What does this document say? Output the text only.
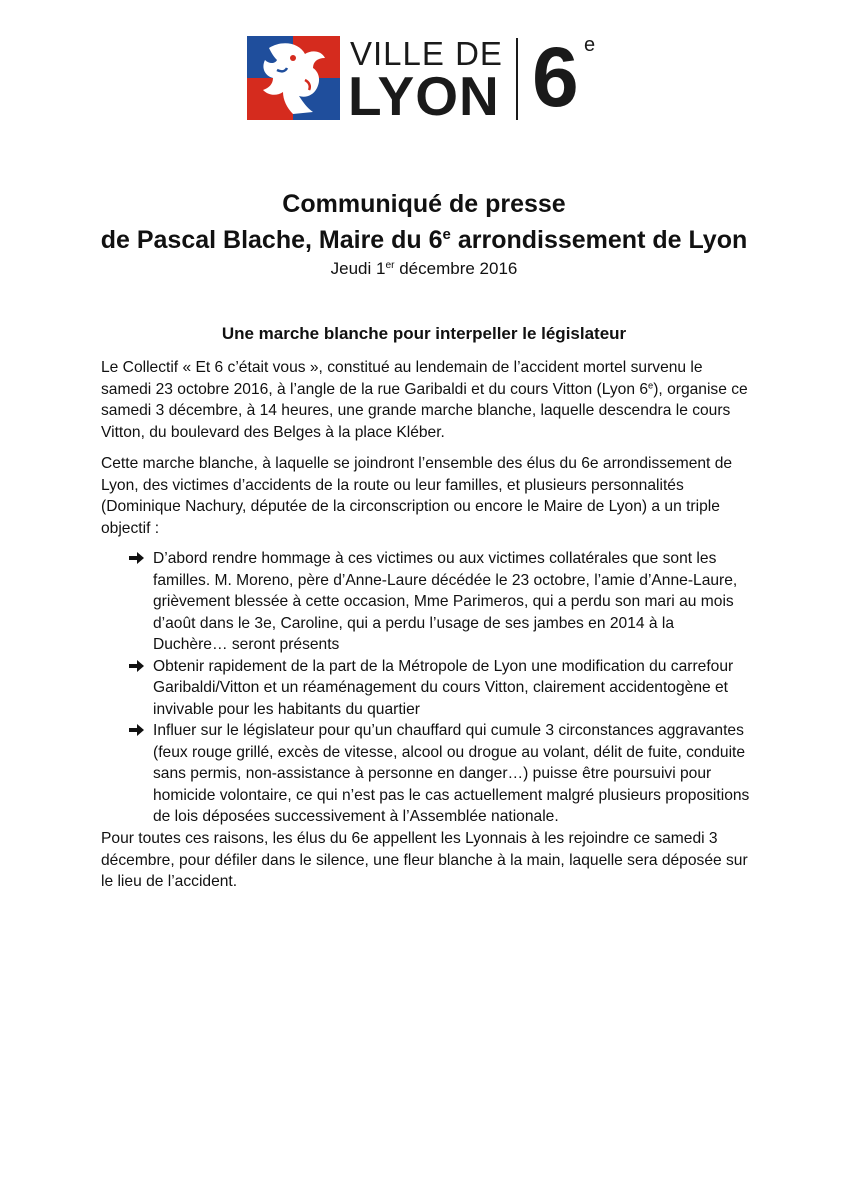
VILLE DE
LYON 6 e
Communiqué de presse
de Pascal Blache, Maire du 6e arrondissement de Lyon
Jeudi 1er décembre 2016
Une marche blanche pour interpeller le législateur

Le Collectif « Et 6 c’était vous », constitué au lendemain de l’accident mortel survenu le samedi 23 octobre 2016, à l’angle de la rue Garibaldi et du cours Vitton (Lyon 6e), organise ce samedi 3 décembre, à 14 heures, une grande marche blanche, laquelle descendra le cours Vitton, du boulevard des Belges à la place Kléber.

Cette marche blanche, à laquelle se joindront l’ensemble des élus du 6e arrondissement de Lyon, des victimes d’accidents de la route ou leur familles, et plusieurs personnalités (Dominique Nachury, députée de la circonscription ou encore le Maire de Lyon) a un triple objectif :

D’abord rendre hommage à ces victimes ou aux victimes collatérales que sont les familles. M. Moreno, père d’Anne-Laure décédée le 23 octobre, l’amie d’Anne-Laure, grièvement blessée à cette occasion, Mme Parimeros, qui a perdu son mari au mois d’août dans le 3e, Caroline, qui a perdu l’usage de ses jambes en 2014 à la Duchère… seront présents
Obtenir rapidement de la part de la Métropole de Lyon une modification du carrefour Garibaldi/Vitton et un réaménagement du cours Vitton, clairement accidentogène et invivable pour les habitants du quartier
Influer sur le législateur pour qu’un chauffard qui cumule 3 circonstances aggravantes (feux rouge grillé, excès de vitesse, alcool ou drogue au volant, délit de fuite, conduite sans permis, non-assistance à personne en danger…) puisse être poursuivi pour homicide volontaire, ce qui n’est pas le cas actuellement malgré plusieurs propositions de lois déposées successivement à l’Assemblée nationale.

Pour toutes ces raisons, les élus du 6e appellent les Lyonnais à les rejoindre ce samedi 3 décembre, pour défiler dans le silence, une fleur blanche à la main, laquelle sera déposée sur le lieu de l’accident.
